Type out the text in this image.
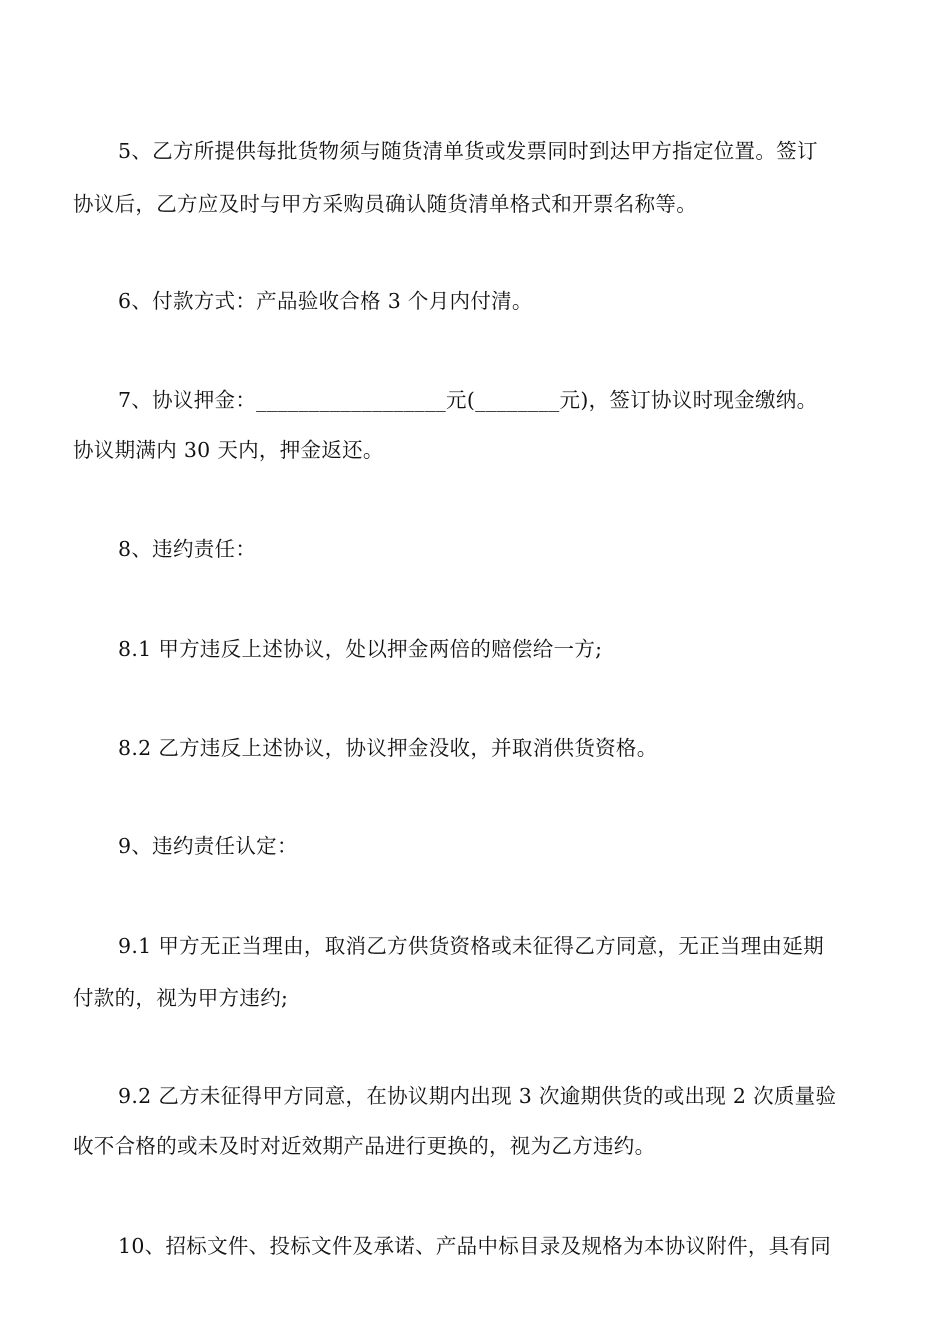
5、乙方所提供每批货物须与随货清单货或发票同时到达甲方指定位置。签订
协议后，乙方应及时与甲方采购员确认随货清单格式和开票名称等。
6、付款方式：产品验收合格 3 个月内付清。
7、协议押金：__________________元(________元)，签订协议时现金缴纳。
协议期满内 30 天内，押金返还。
8、违约责任：
8.1 甲方违反上述协议，处以押金两倍的赔偿给一方;
8.2 乙方违反上述协议，协议押金没收，并取消供货资格。
9、违约责任认定：
9.1 甲方无正当理由，取消乙方供货资格或未征得乙方同意，无正当理由延期
付款的，视为甲方违约;
9.2 乙方未征得甲方同意，在协议期内出现 3 次逾期供货的或出现 2 次质量验
收不合格的或未及时对近效期产品进行更换的，视为乙方违约。
10、招标文件、投标文件及承诺、产品中标目录及规格为本协议附件，具有同
